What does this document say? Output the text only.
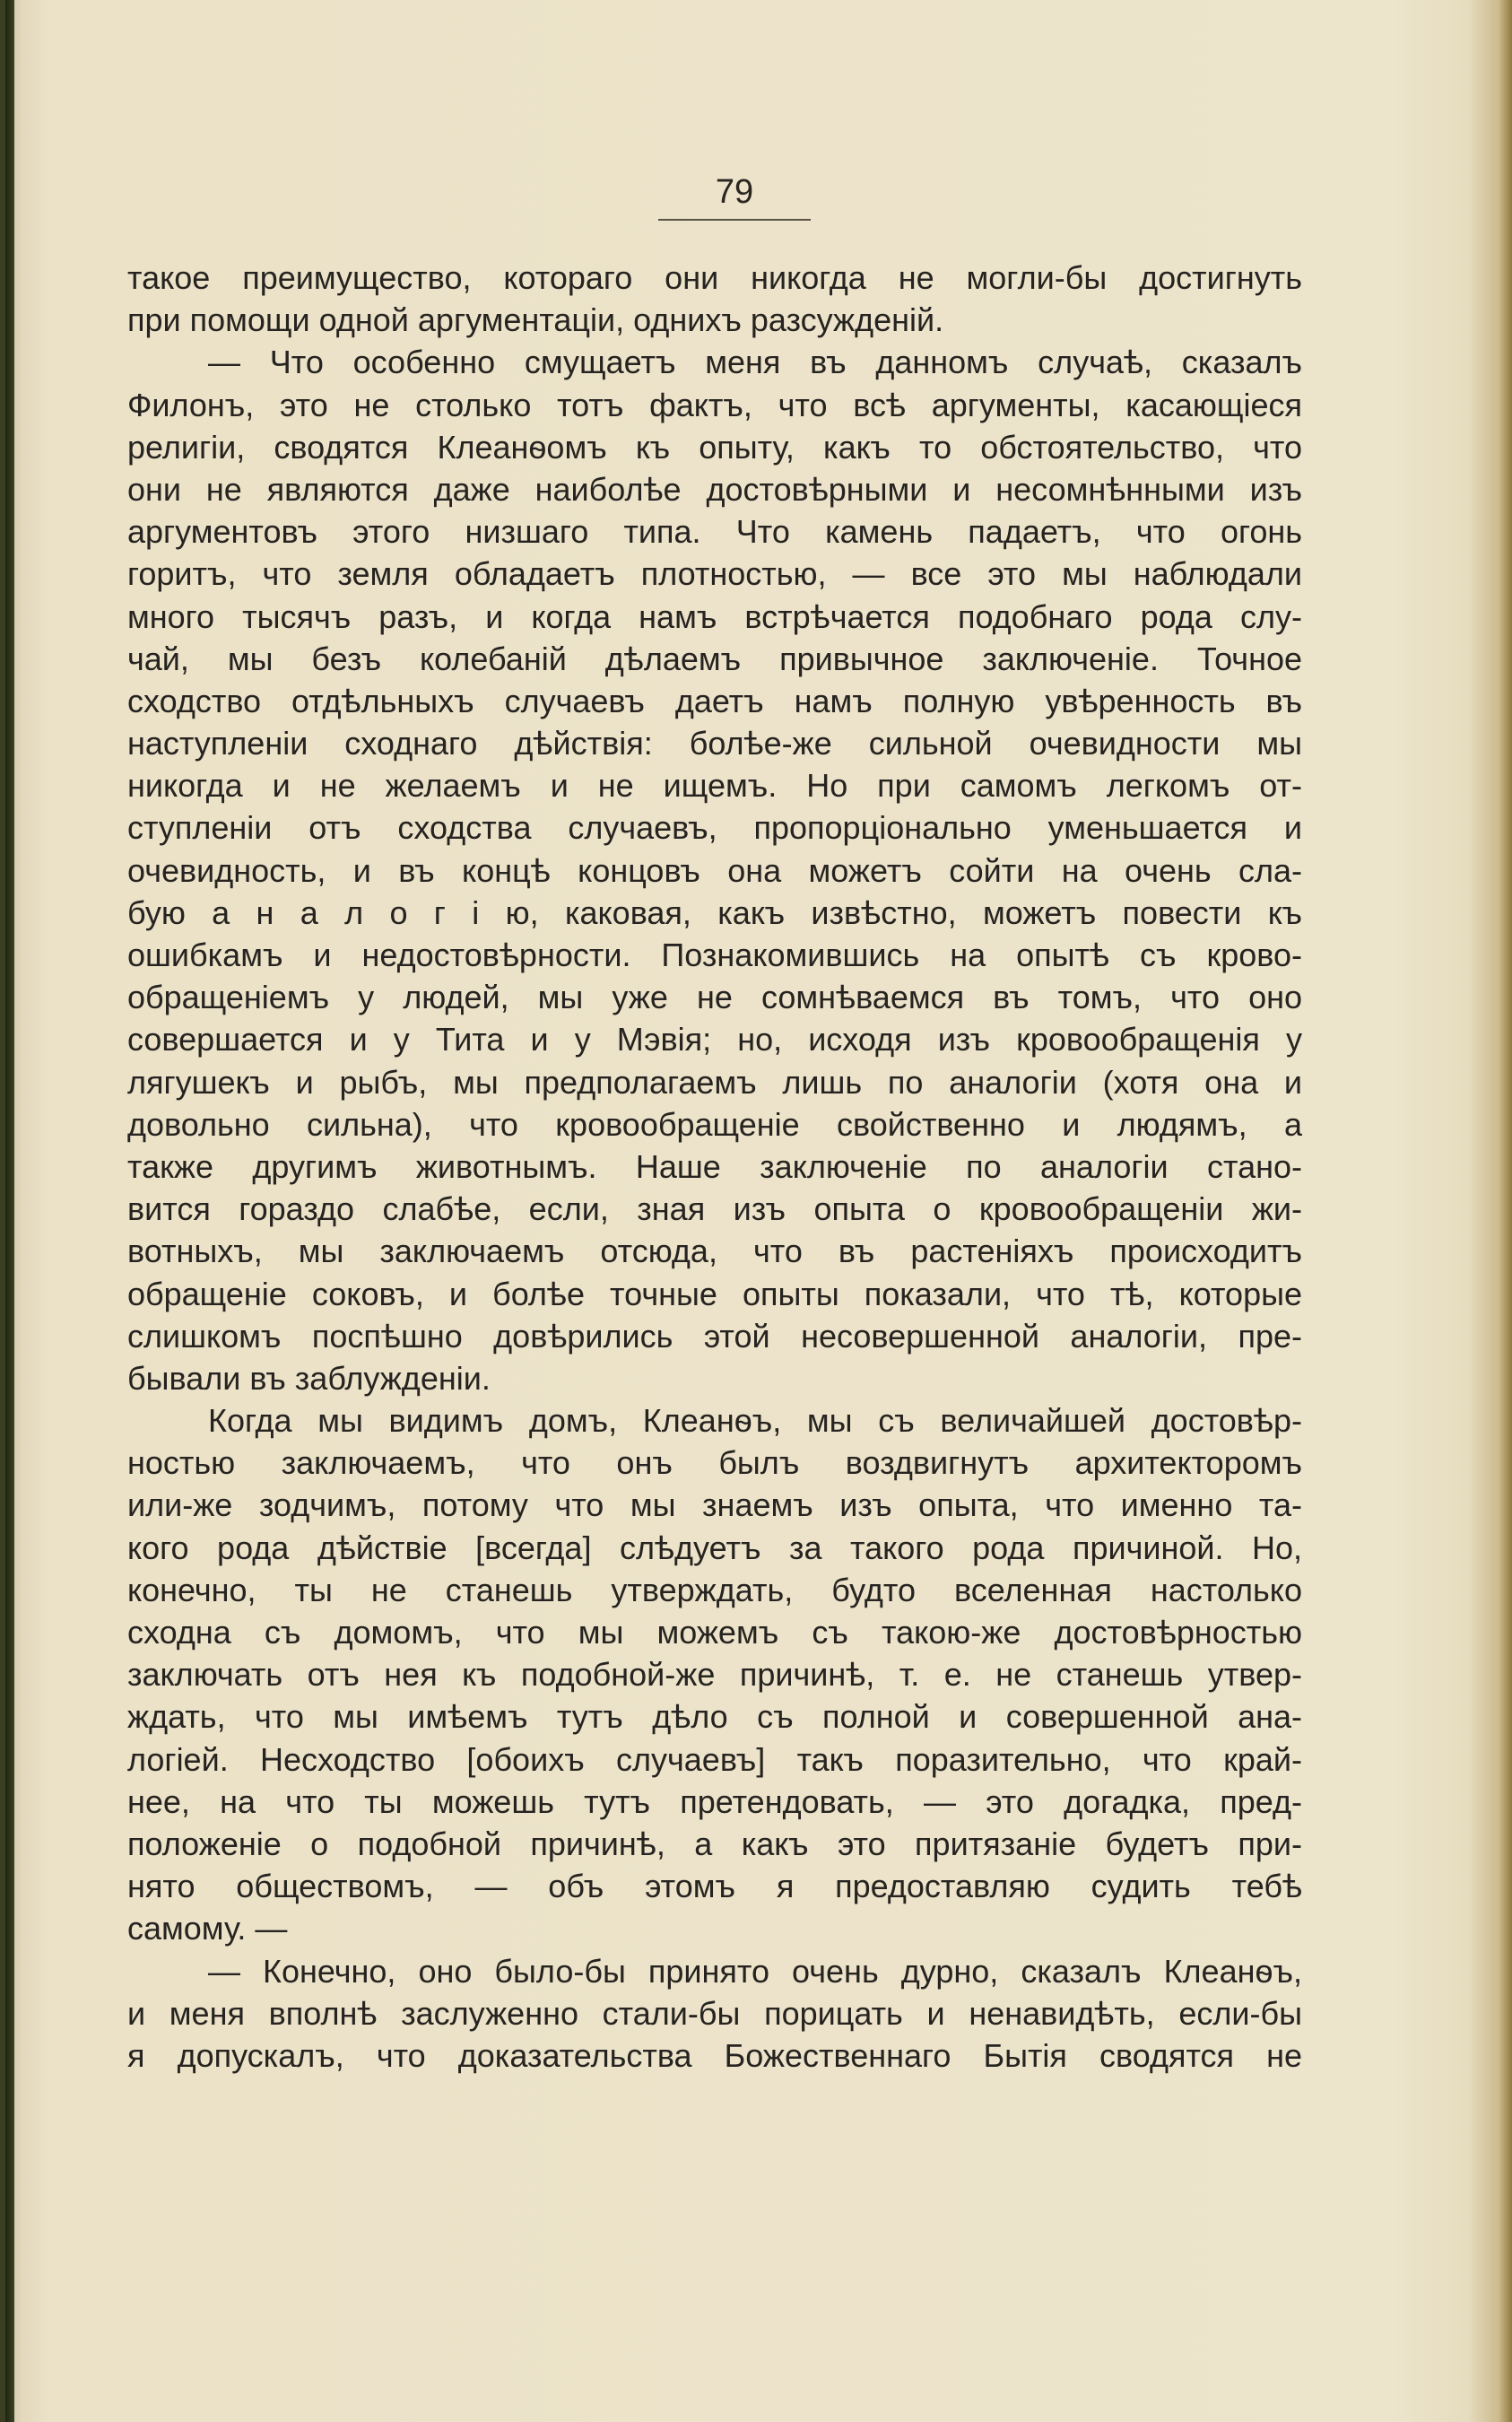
79
такое преимущество, котораго они никогда не могли-бы достигнуть
при помощи одной аргументаціи, однихъ разсужденій.
— Что особенно смущаетъ меня въ данномъ случаѣ, сказалъ
Филонъ, это не столько тотъ фактъ, что всѣ аргументы, касающіеся
религіи, сводятся Клеанѳомъ къ опыту, какъ то обстоятельство, что
они не являются даже наиболѣе достовѣрными и несомнѣнными изъ
аргументовъ этого низшаго типа. Что камень падаетъ, что огонь
горитъ, что земля обладаетъ плотностью, — все это мы наблюдали
много тысячъ разъ, и когда намъ встрѣчается подобнаго рода слу-
чай, мы безъ колебаній дѣлаемъ привычное заключеніе. Точное
сходство отдѣльныхъ случаевъ даетъ намъ полную увѣренность въ
наступленіи сходнаго дѣйствія: болѣе-же сильной очевидности мы
никогда и не желаемъ и не ищемъ. Но при самомъ легкомъ от-
ступленіи отъ сходства случаевъ, пропорціонально уменьшается и
очевидность, и въ концѣ концовъ она можетъ сойти на очень сла-
бую а н а л о г і ю, каковая, какъ извѣстно, можетъ повести къ
ошибкамъ и недостовѣрности. Познакомившись на опытѣ съ крово-
обращеніемъ у людей, мы уже не сомнѣваемся въ томъ, что оно
совершается и у Тита и у Мэвія; но, исходя изъ кровообращенія у
лягушекъ и рыбъ, мы предполагаемъ лишь по аналогіи (хотя она и
довольно сильна), что кровообращеніе свойственно и людямъ, а
также другимъ животнымъ. Наше заключеніе по аналогіи стано-
вится гораздо слабѣе, если, зная изъ опыта о кровообращеніи жи-
вотныхъ, мы заключаемъ отсюда, что въ растеніяхъ происходитъ
обращеніе соковъ, и болѣе точные опыты показали, что тѣ, которые
слишкомъ поспѣшно довѣрились этой несовершенной аналогіи, пре-
бывали въ заблужденіи.
Когда мы видимъ домъ, Клеанѳъ, мы съ величайшей достовѣр-
ностью заключаемъ, что онъ былъ воздвигнутъ архитекторомъ
или-же зодчимъ, потому что мы знаемъ изъ опыта, что именно та-
кого рода дѣйствіе [всегда] слѣдуетъ за такого рода причиной. Но,
конечно, ты не станешь утверждать, будто вселенная настолько
сходна съ домомъ, что мы можемъ съ такою-же достовѣрностью
заключать отъ нея къ подобной-же причинѣ, т. е. не станешь утвер-
ждать, что мы имѣемъ тутъ дѣло съ полной и совершенной ана-
логіей. Несходство [обоихъ случаевъ] такъ поразительно, что край-
нее, на что ты можешь тутъ претендовать, — это догадка, пред-
положеніе о подобной причинѣ, а какъ это притязаніе будетъ при-
нято обществомъ, — объ этомъ я предоставляю судить тебѣ
самому. —
— Конечно, оно было-бы принято очень дурно, сказалъ Клеанѳъ,
и меня вполнѣ заслуженно стали-бы порицать и ненавидѣть, если-бы
я допускалъ, что доказательства Божественнаго Бытія сводятся не
